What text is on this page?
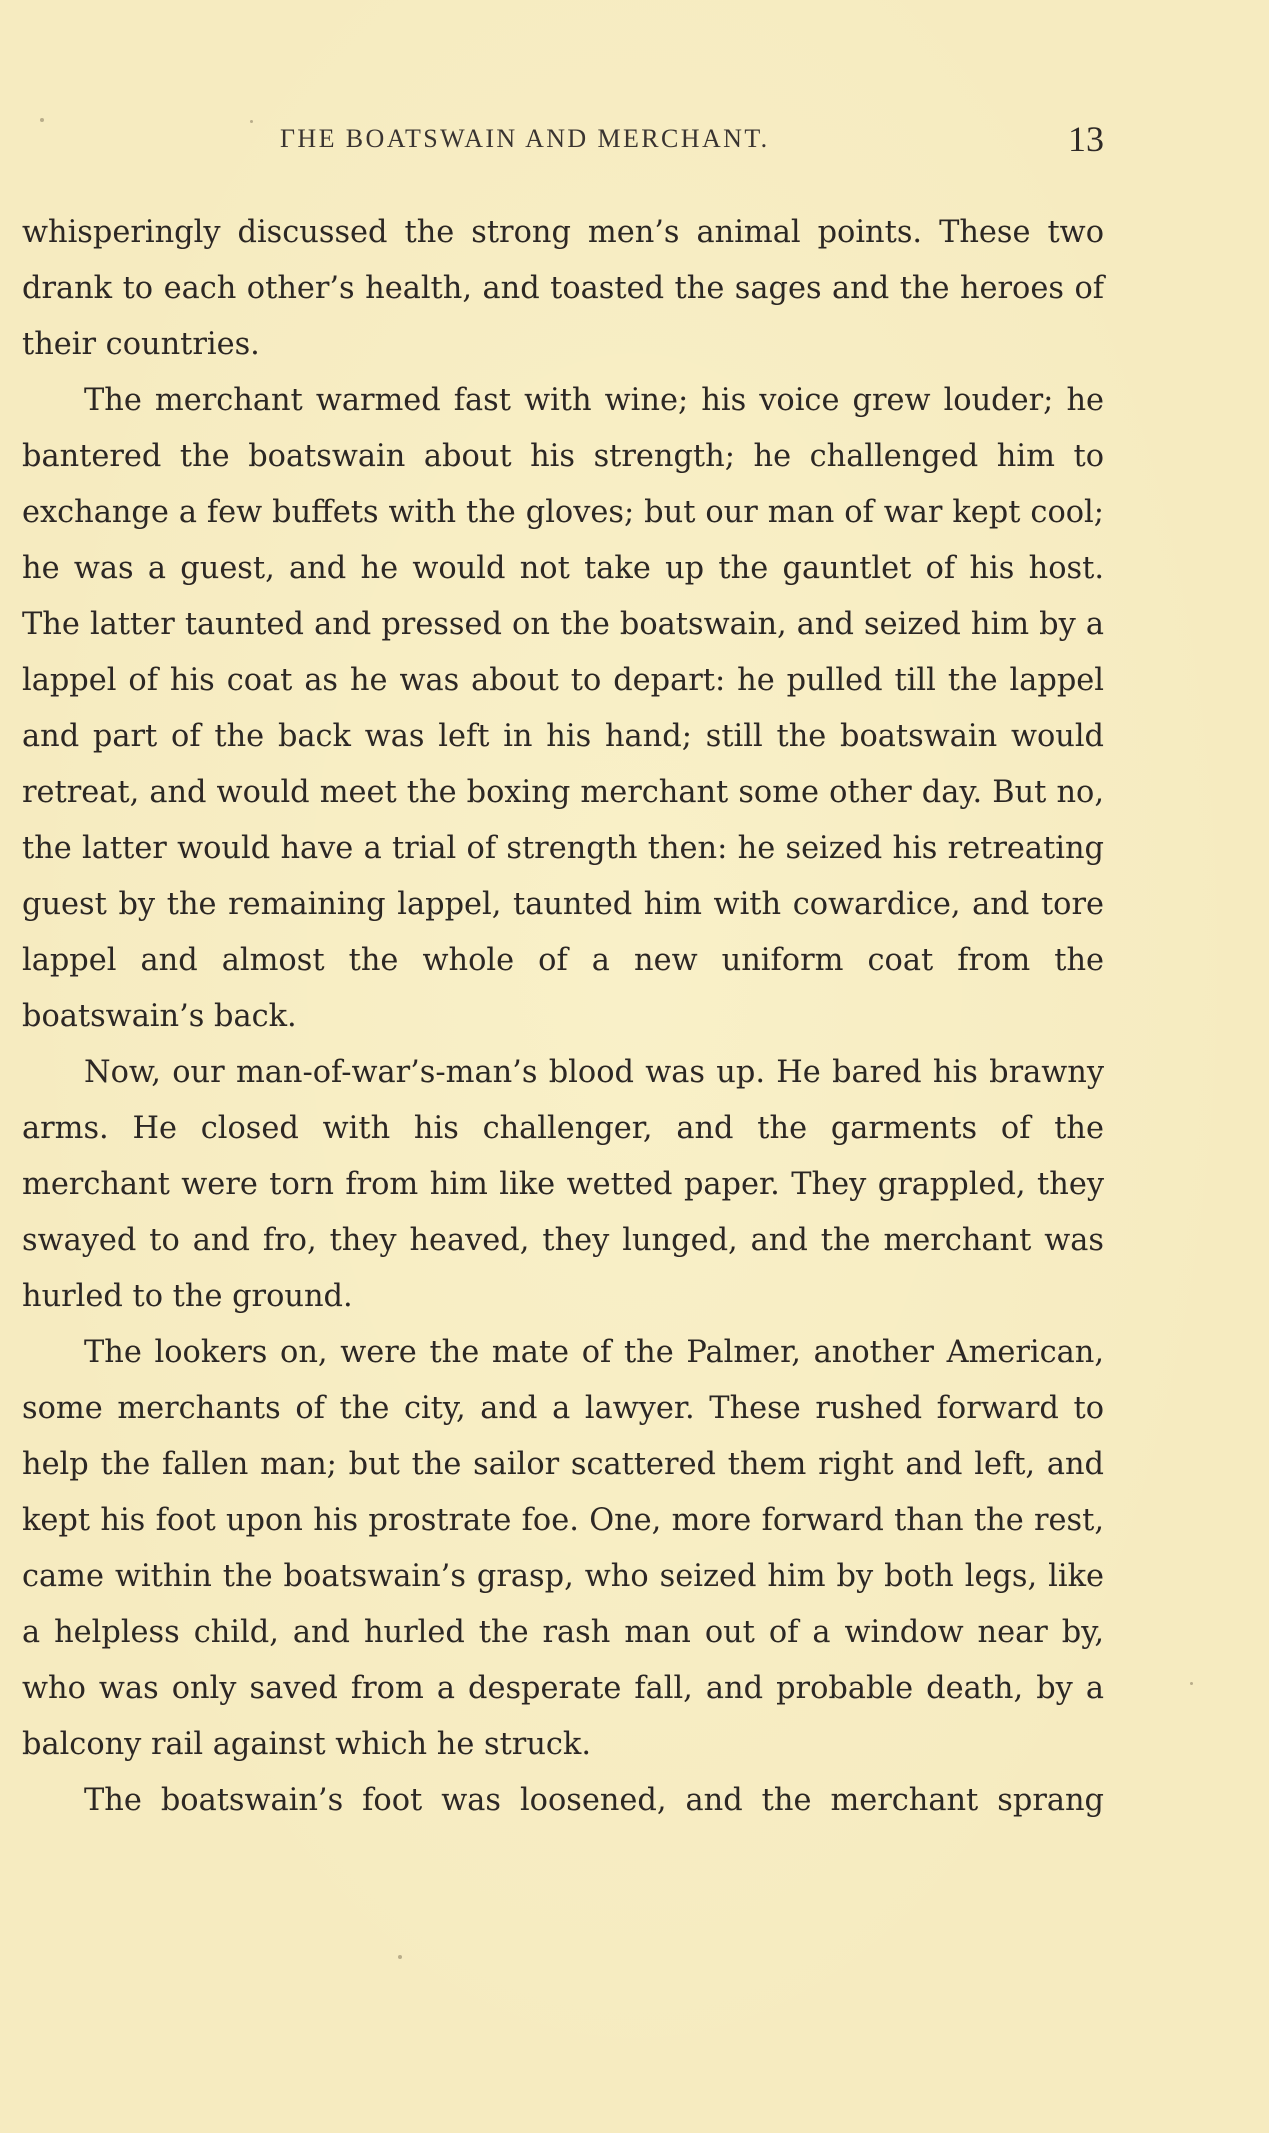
ГHE BOATSWAIN AND MERCHANT.	13

whisperingly discussed the strong men’s animal points. These two drank to each other’s health, and toasted the sages and the heroes of their countries.

The merchant warmed fast with wine; his voice grew louder; he bantered the boatswain about his strength; he challenged him to exchange a few buffets with the gloves; but our man of war kept cool; he was a guest, and he would not take up the gauntlet of his host. The latter taunted and pressed on the boatswain, and seized him by a lappel of his coat as he was about to depart: he pulled till the lappel and part of the back was left in his hand; still the boatswain would retreat, and would meet the boxing merchant some other day. But no, the latter would have a trial of strength then: he seized his retreating guest by the remaining lappel, taunted him with cowardice, and tore lappel and almost the whole of a new uniform coat from the boatswain’s back.

Now, our man-of-war’s-man’s blood was up. He bared his brawny arms. He closed with his challenger, and the garments of the merchant were torn from him like wetted paper. They grappled, they swayed to and fro, they heaved, they lunged, and the merchant was hurled to the ground.

The lookers on, were the mate of the Palmer, another American, some merchants of the city, and a lawyer. These rushed forward to help the fallen man; but the sailor scattered them right and left, and kept his foot upon his prostrate foe. One, more forward than the rest, came within the boatswain’s grasp, who seized him by both legs, like a helpless child, and hurled the rash man out of a window near by, who was only saved from a desperate fall, and probable death, by a balcony rail against which he struck.

The boatswain’s foot was loosened, and the merchant sprang
